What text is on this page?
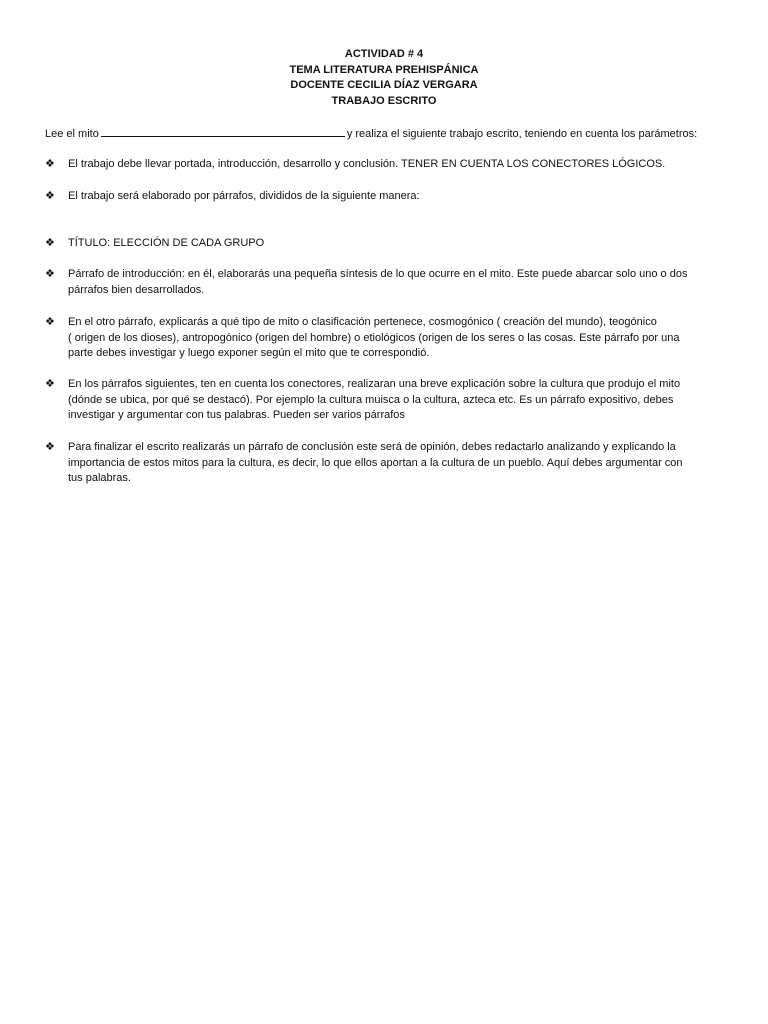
ACTIVIDAD # 4
TEMA LITERATURA PREHISPÁNICA
DOCENTE CECILIA DÍAZ VERGARA
TRABAJO ESCRITO
Lee el mito	y realiza el siguiente trabajo escrito, teniendo en cuenta los parámetros:
❖	El trabajo debe llevar portada, introducción, desarrollo y conclusión. TENER EN CUENTA LOS CONECTORES LÓGICOS.
❖	El trabajo será elaborado por párrafos, divididos de la siguiente manera:
❖	TÍTULO: ELECCIÓN DE CADA GRUPO
❖	Párrafo de introducción: en él, elaborarás una pequeña síntesis de lo que ocurre en el mito. Este puede abarcar solo uno o dos
párrafos bien desarrollados.
❖	En el otro párrafo, explicarás a qué tipo de mito o clasificación pertenece, cosmogónico ( creación del mundo), teogónico
( origen de los dioses), antropogónico (origen del hombre) o etiológicos (origen de los seres o las cosas. Este párrafo por una
parte debes investigar y luego exponer según el mito que te correspondió.
❖	En los párrafos siguientes, ten en cuenta los conectores, realizaran una breve explicación sobre la cultura que produjo el mito
(dónde se ubica, por qué se destacó). Por ejemplo la cultura muisca o la cultura, azteca etc. Es un párrafo expositivo, debes
investigar y argumentar con tus palabras. Pueden ser varios párrafos
❖	Para finalizar el escrito realizarás un párrafo de conclusión este será de opinión, debes redactarlo analizando y explicando la
importancia de estos mitos para la cultura, es decir, lo que ellos aportan a la cultura de un pueblo. Aquí debes argumentar con
tus palabras.
